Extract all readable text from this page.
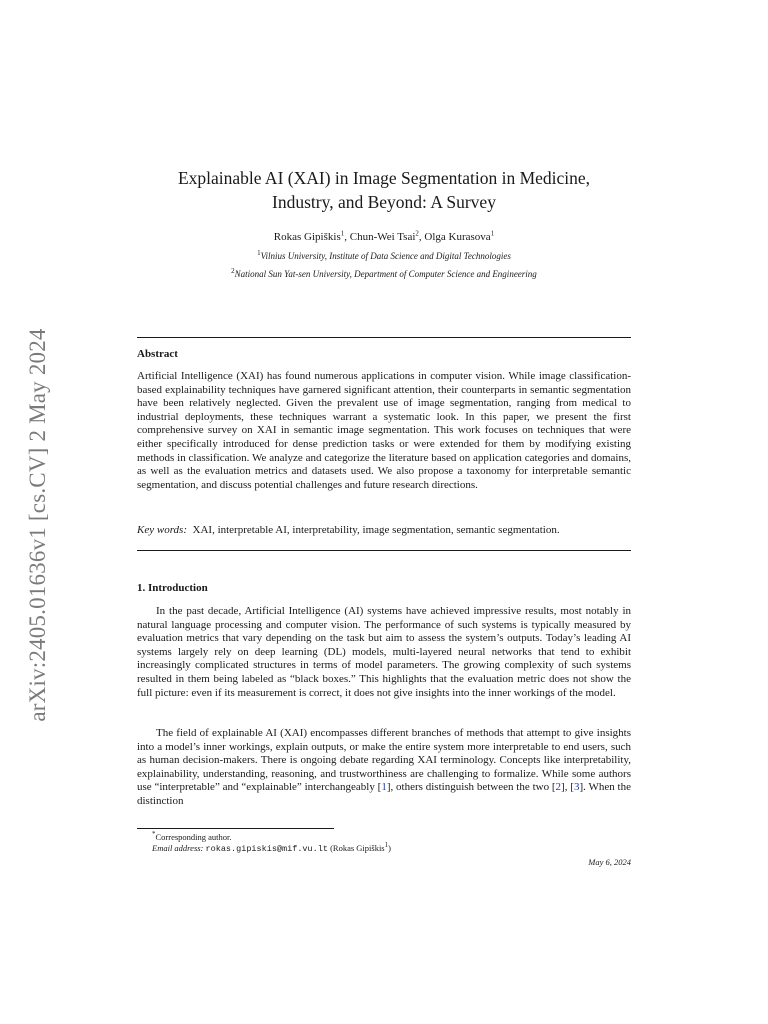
arXiv:2405.01636v1 [cs.CV] 2 May 2024
Explainable AI (XAI) in Image Segmentation in Medicine,
Industry, and Beyond: A Survey
Rokas Gipiškis$^1$, Chun-Wei Tsai$^2$, Olga Kurasova$^1$
$^1$Vilnius University, Institute of Data Science and Digital Technologies
$^2$National Sun Yat-sen University, Department of Computer Science and Engineering
Abstract
Artificial Intelligence (XAI) has found numerous applications in computer vision. While image classification-based explainability techniques have garnered significant attention, their counterparts in semantic segmentation have been relatively neglected. Given the prevalent use of image segmentation, ranging from medical to industrial deployments, these techniques warrant a systematic look. In this paper, we present the first comprehensive survey on XAI in semantic image segmentation. This work focuses on techniques that were either specifically introduced for dense prediction tasks or were extended for them by modifying existing methods in classification. We analyze and categorize the literature based on application categories and domains, as well as the evaluation metrics and datasets used. We also propose a taxonomy for interpretable semantic segmentation, and discuss potential challenges and future research directions.
Key words: XAI, interpretable AI, interpretability, image segmentation, semantic segmentation.
1. Introduction
In the past decade, Artificial Intelligence (AI) systems have achieved impressive results, most notably in natural language processing and computer vision. The performance of such systems is typically measured by evaluation metrics that vary depending on the task but aim to assess the system’s outputs. Today’s leading AI systems largely rely on deep learning (DL) models, multi-layered neural networks that tend to exhibit increasingly complicated structures in terms of model parameters. The growing complexity of such systems resulted in them being labeled as “black boxes.” This highlights that the evaluation metric does not show the full picture: even if its measurement is correct, it does not give insights into the inner workings of the model.
The field of explainable AI (XAI) encompasses different branches of methods that attempt to give insights into a model’s inner workings, explain outputs, or make the entire system more interpretable to end users, such as human decision-makers. There is ongoing debate regarding XAI terminology. Concepts like interpretability, explainability, understanding, reasoning, and trustworthiness are challenging to formalize. While some authors use “interpretable” and “explainable” interchangeably [1], others distinguish between the two [2], [3]. When the distinction
*Corresponding author.
Email address: rokas.gipiskis@mif.vu.lt (Rokas Gipiškis$^1$)
May 6, 2024
